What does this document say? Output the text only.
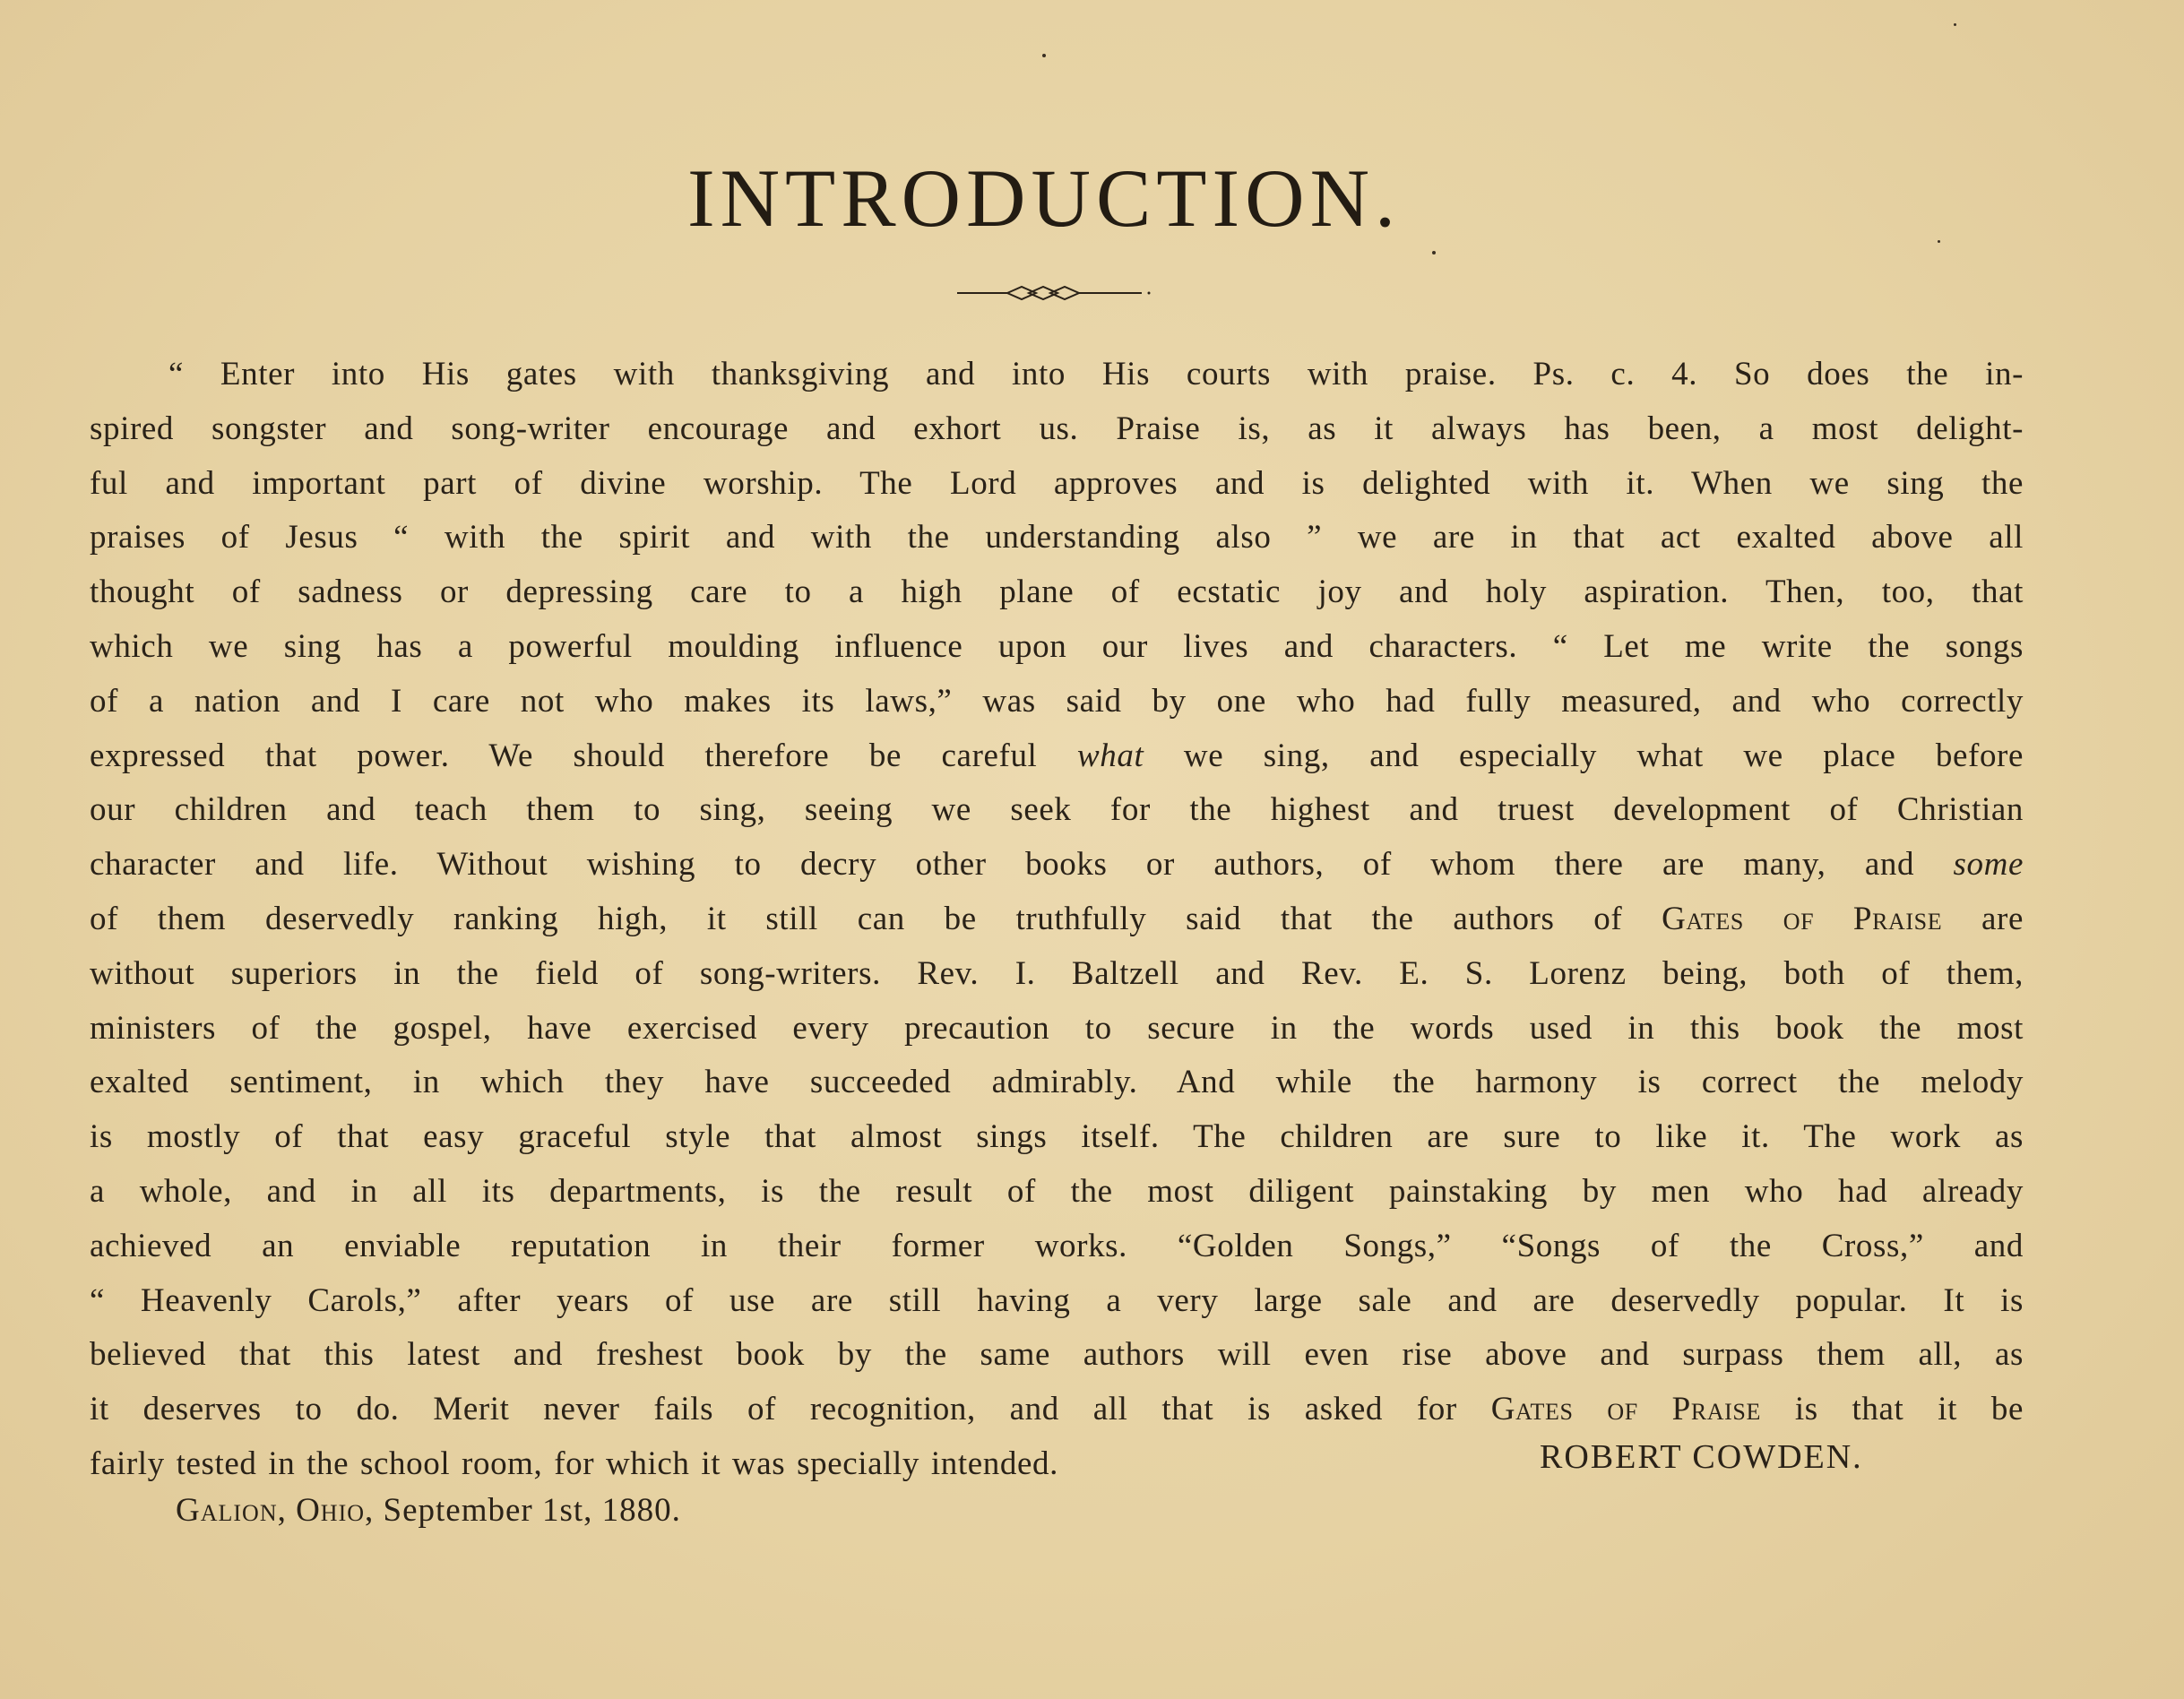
INTRODUCTION.
“ Enter into His gates with thanksgiving and into His courts with praise. Ps. c. 4. So does the in-
spired songster and song-writer encourage and exhort us. Praise is, as it always has been, a most delight-
ful and important part of divine worship. The Lord approves and is delighted with it. When we sing the
praises of Jesus “ with the spirit and with the understanding also ” we are in that act exalted above all
thought of sadness or depressing care to a high plane of ecstatic joy and holy aspiration. Then, too, that
which we sing has a powerful moulding influence upon our lives and characters. “ Let me write the songs
of a nation and I care not who makes its laws,” was said by one who had fully measured, and who correctly
expressed that power. We should therefore be careful what we sing, and especially what we place before
our children and teach them to sing, seeing we seek for the highest and truest development of Christian
character and life. Without wishing to decry other books or authors, of whom there are many, and some
of them deservedly ranking high, it still can be truthfully said that the authors of Gates of Praise are
without superiors in the field of song-writers. Rev. I. Baltzell and Rev. E. S. Lorenz being, both of them,
ministers of the gospel, have exercised every precaution to secure in the words used in this book the most
exalted sentiment, in which they have succeeded admirably. And while the harmony is correct the melody
is mostly of that easy graceful style that almost sings itself. The children are sure to like it. The work as
a whole, and in all its departments, is the result of the most diligent painstaking by men who had already
achieved an enviable reputation in their former works. “Golden Songs,” “Songs of the Cross,” and
“ Heavenly Carols,” after years of use are still having a very large sale and are deservedly popular. It is
believed that this latest and freshest book by the same authors will even rise above and surpass them all, as
it deserves to do. Merit never fails of recognition, and all that is asked for Gates of Praise is that it be
fairly tested in the school room, for which it was specially intended.	ROBERT COWDEN.
Galion, Ohio, September 1st, 1880.
